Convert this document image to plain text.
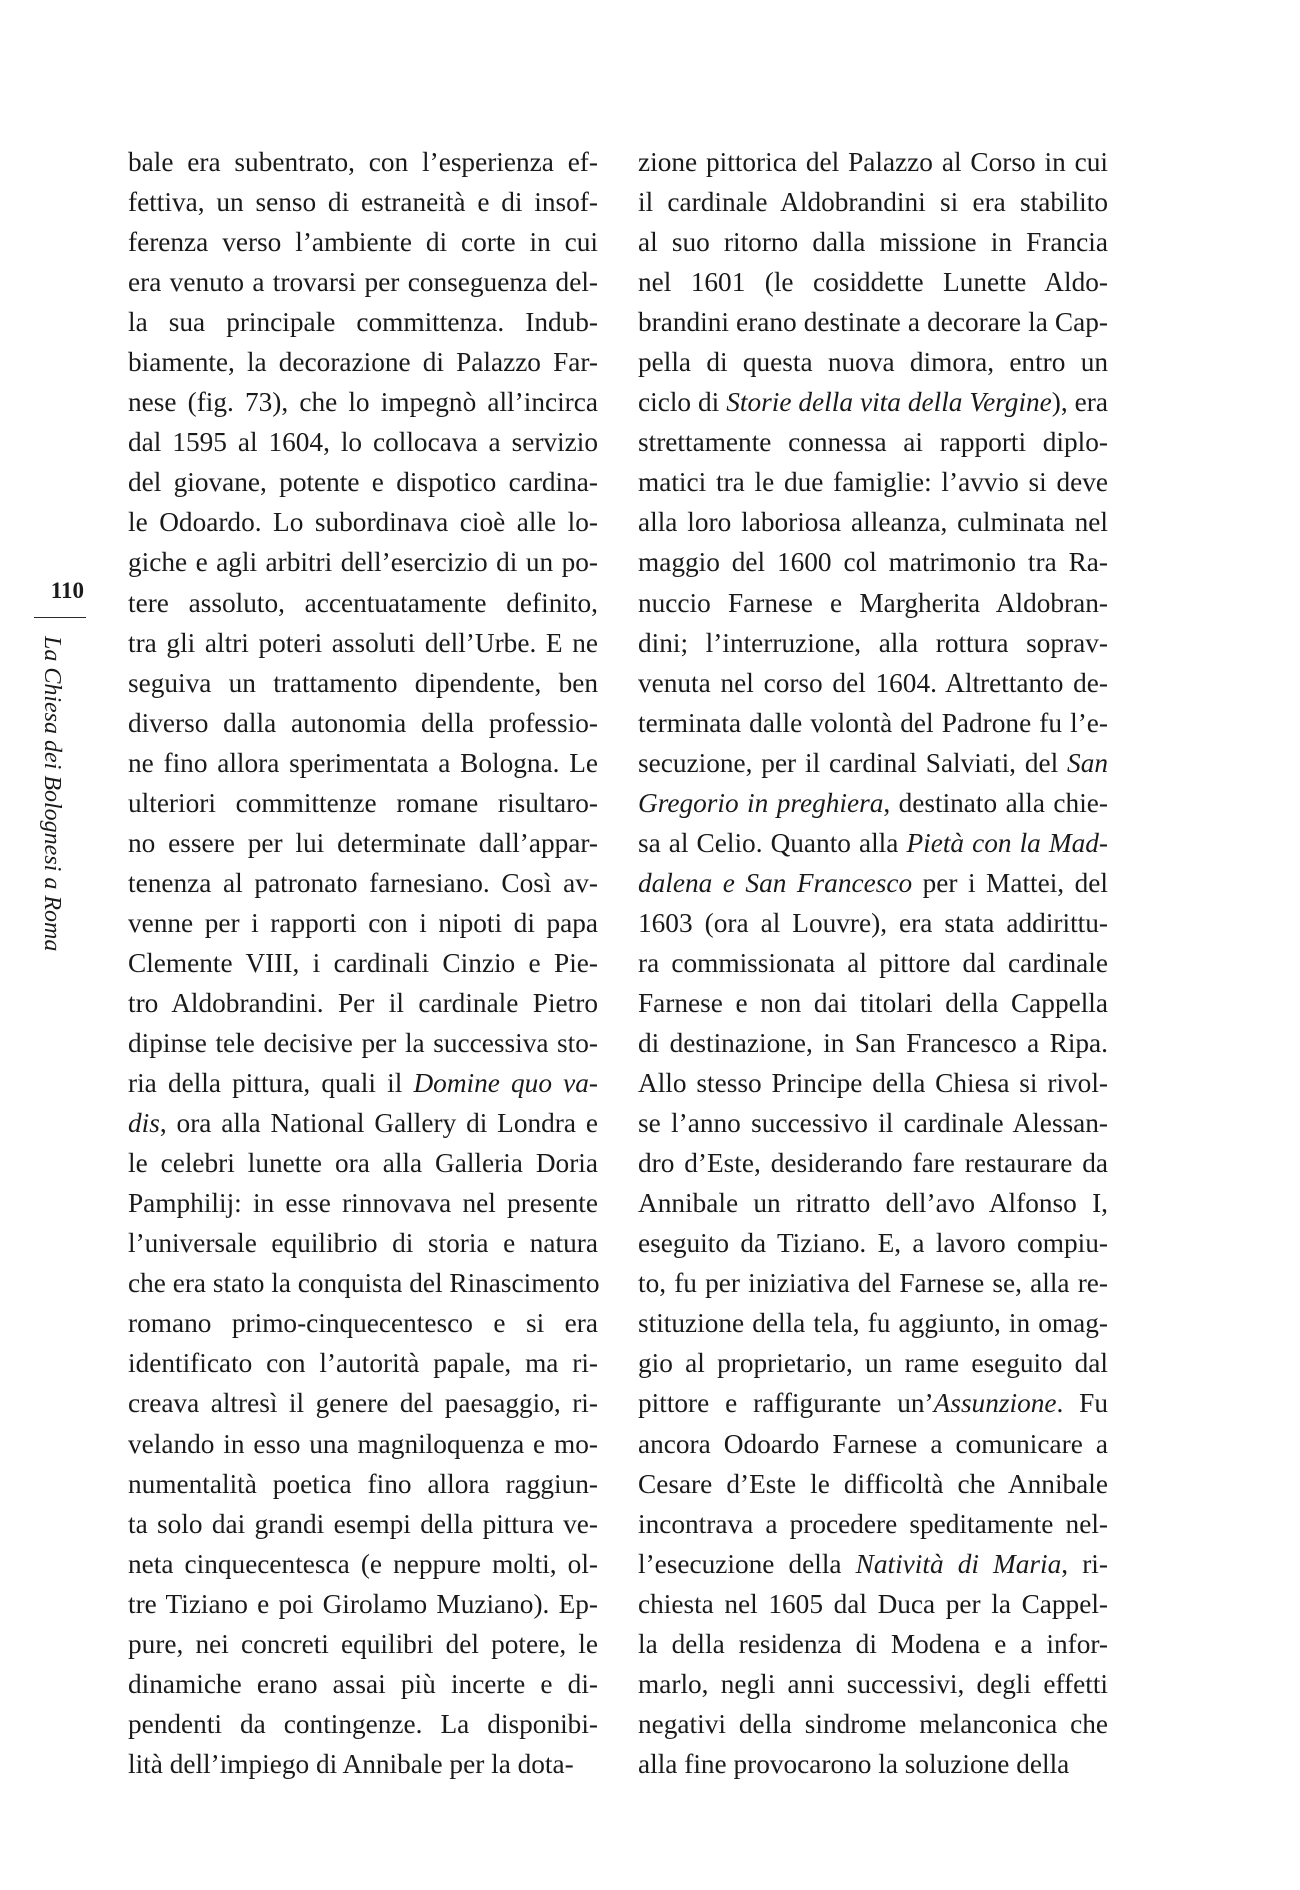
110
La Chiesa dei Bolognesi a Roma
bale era subentrato, con l’esperienza ef-
fettiva, un senso di estraneità e di insof-
ferenza verso l’ambiente di corte in cui
era venuto a trovarsi per conseguenza del-
la sua principale committenza. Indub-
biamente, la decorazione di Palazzo Far-
nese (fig. 73), che lo impegnò all’incirca
dal 1595 al 1604, lo collocava a servizio
del giovane, potente e dispotico cardina-
le Odoardo. Lo subordinava cioè alle lo-
giche e agli arbitri dell’esercizio di un po-
tere assoluto, accentuatamente definito,
tra gli altri poteri assoluti dell’Urbe. E ne
seguiva un trattamento dipendente, ben
diverso dalla autonomia della professio-
ne fino allora sperimentata a Bologna. Le
ulteriori committenze romane risultaro-
no essere per lui determinate dall’appar-
tenenza al patronato farnesiano. Così av-
venne per i rapporti con i nipoti di papa
Clemente VIII, i cardinali Cinzio e Pie-
tro Aldobrandini. Per il cardinale Pietro
dipinse tele decisive per la successiva sto-
ria della pittura, quali il Domine quo va-
dis, ora alla National Gallery di Londra e
le celebri lunette ora alla Galleria Doria
Pamphilij: in esse rinnovava nel presente
l’universale equilibrio di storia e natura
che era stato la conquista del Rinascimento
romano primo-cinquecentesco e si era
identificato con l’autorità papale, ma ri-
creava altresì il genere del paesaggio, ri-
velando in esso una magniloquenza e mo-
numentalità poetica fino allora raggiun-
ta solo dai grandi esempi della pittura ve-
neta cinquecentesca (e neppure molti, ol-
tre Tiziano e poi Girolamo Muziano). Ep-
pure, nei concreti equilibri del potere, le
dinamiche erano assai più incerte e di-
pendenti da contingenze. La disponibi-
lità dell’impiego di Annibale per la dota-
zione pittorica del Palazzo al Corso in cui
il cardinale Aldobrandini si era stabilito
al suo ritorno dalla missione in Francia
nel 1601 (le cosiddette Lunette Aldo-
brandini erano destinate a decorare la Cap-
pella di questa nuova dimora, entro un
ciclo di Storie della vita della Vergine), era
strettamente connessa ai rapporti diplo-
matici tra le due famiglie: l’avvio si deve
alla loro laboriosa alleanza, culminata nel
maggio del 1600 col matrimonio tra Ra-
nuccio Farnese e Margherita Aldobran-
dini; l’interruzione, alla rottura soprav-
venuta nel corso del 1604. Altrettanto de-
terminata dalle volontà del Padrone fu l’e-
secuzione, per il cardinal Salviati, del San
Gregorio in preghiera, destinato alla chie-
sa al Celio. Quanto alla Pietà con la Mad-
dalena e San Francesco per i Mattei, del
1603 (ora al Louvre), era stata addirittu-
ra commissionata al pittore dal cardinale
Farnese e non dai titolari della Cappella
di destinazione, in San Francesco a Ripa.
Allo stesso Principe della Chiesa si rivol-
se l’anno successivo il cardinale Alessan-
dro d’Este, desiderando fare restaurare da
Annibale un ritratto dell’avo Alfonso I,
eseguito da Tiziano. E, a lavoro compiu-
to, fu per iniziativa del Farnese se, alla re-
stituzione della tela, fu aggiunto, in omag-
gio al proprietario, un rame eseguito dal
pittore e raffigurante un’Assunzione. Fu
ancora Odoardo Farnese a comunicare a
Cesare d’Este le difficoltà che Annibale
incontrava a procedere speditamente nel-
l’esecuzione della Natività di Maria, ri-
chiesta nel 1605 dal Duca per la Cappel-
la della residenza di Modena e a infor-
marlo, negli anni successivi, degli effetti
negativi della sindrome melanconica che
alla fine provocarono la soluzione della
